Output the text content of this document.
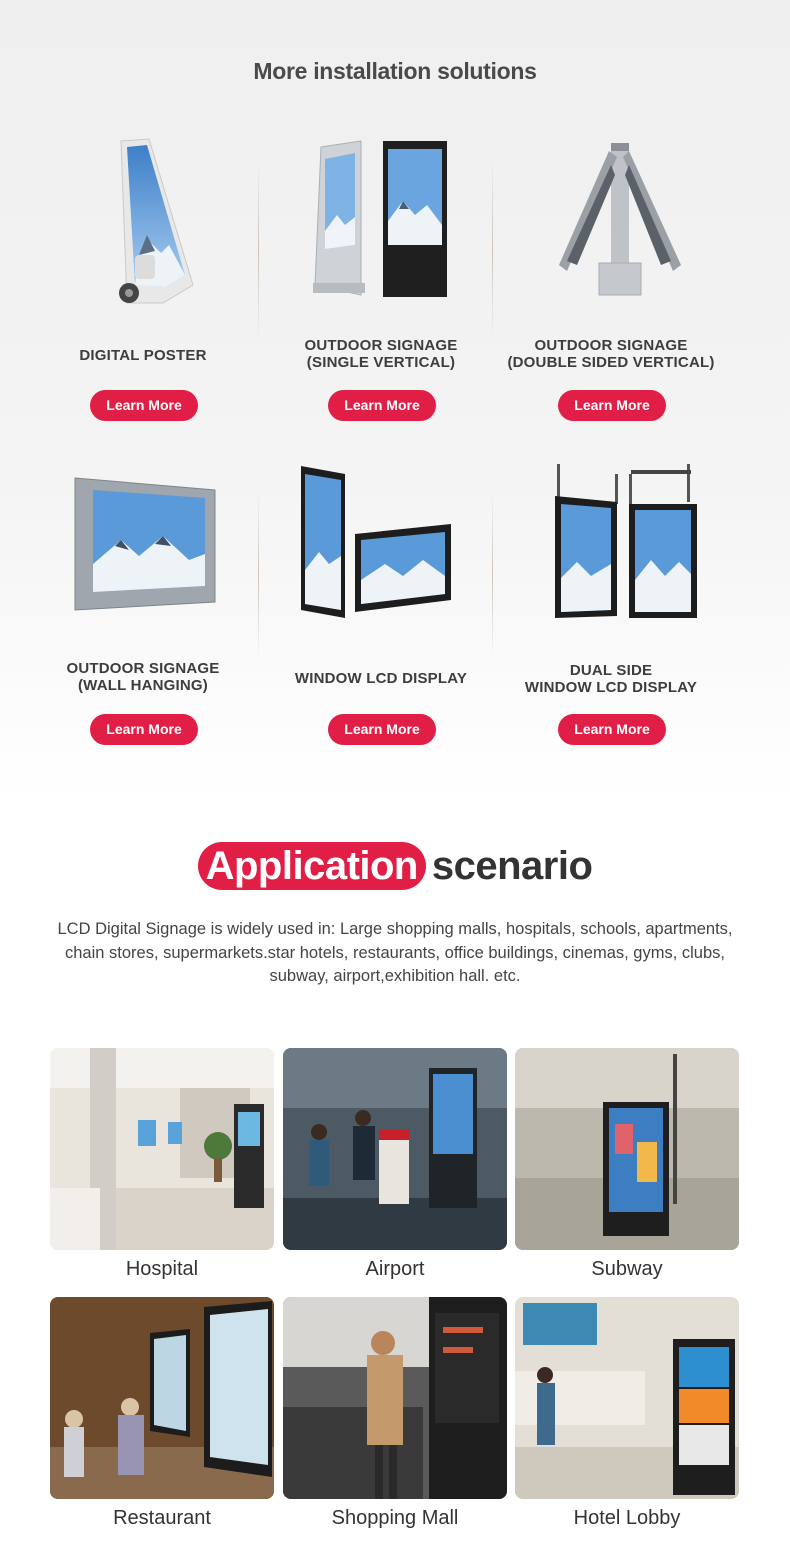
More installation solutions
DIGITAL POSTER
Learn More
OUTDOOR SIGNAGE
(SINGLE VERTICAL)
Learn More
OUTDOOR SIGNAGE
(DOUBLE SIDED VERTICAL)
Learn More
OUTDOOR SIGNAGE
(WALL HANGING)
Learn More
WINDOW LCD DISPLAY
Learn More
DUAL SIDE
WINDOW LCD DISPLAY
Learn More
Application scenario
LCD Digital Signage is widely used in: Large shopping malls, hospitals, schools, apartments, chain stores, supermarkets.star hotels, restaurants, office buildings, cinemas, gyms, clubs, subway, airport,exhibition hall. etc.
Hospital	Airport	Subway
Restaurant	Shopping Mall	Hotel Lobby
